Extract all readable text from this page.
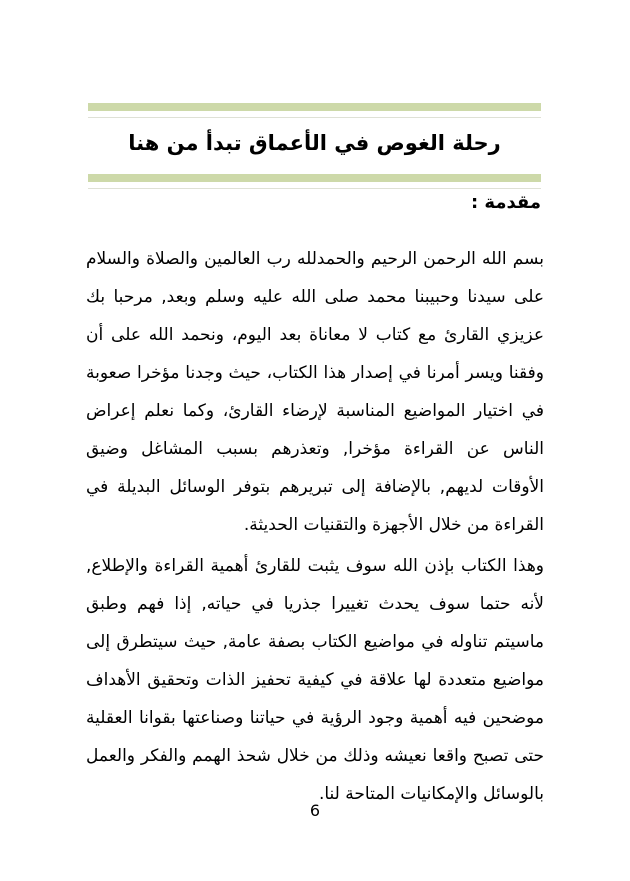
رحلة الغوص في الأعماق تبدأ من هنا
مقدمة :

بسم الله الرحمن الرحيم والحمدلله رب العالمين والصلاة والسلام على سيدنا وحبيبنا محمد صلى الله عليه وسلم وبعد, مرحبا بك عزيزي القارئ مع كتاب لا معاناة بعد اليوم، ونحمد الله على أن وفقنا ويسر أمرنا في إصدار هذا الكتاب، حيث وجدنا مؤخرا صعوبة في اختيار المواضيع المناسبة لإرضاء القارئ، وكما نعلم إعراض الناس عن القراءة مؤخرا, وتعذرهم بسبب المشاغل وضيق الأوقات لديهم, بالإضافة إلى تبريرهم بتوفر الوسائل البديلة في القراءة من خلال الأجهزة والتقنيات الحديثة.

وهذا الكتاب بإذن الله سوف يثبت للقارئ أهمية القراءة والإطلاع, لأنه حتما سوف يحدث تغييرا جذريا في حياته, إذا فهم وطبق ماسيتم تناوله في مواضيع الكتاب بصفة عامة, حيث سيتطرق إلى مواضيع متعددة لها علاقة في كيفية تحفيز الذات وتحقيق الأهداف موضحين فيه أهمية وجود الرؤية في حياتنا وصناعتها بقوانا العقلية حتى تصبح واقعا نعيشه وذلك من خلال شحذ الهمم والفكر والعمل بالوسائل والإمكانيات المتاحة لنا.

6
